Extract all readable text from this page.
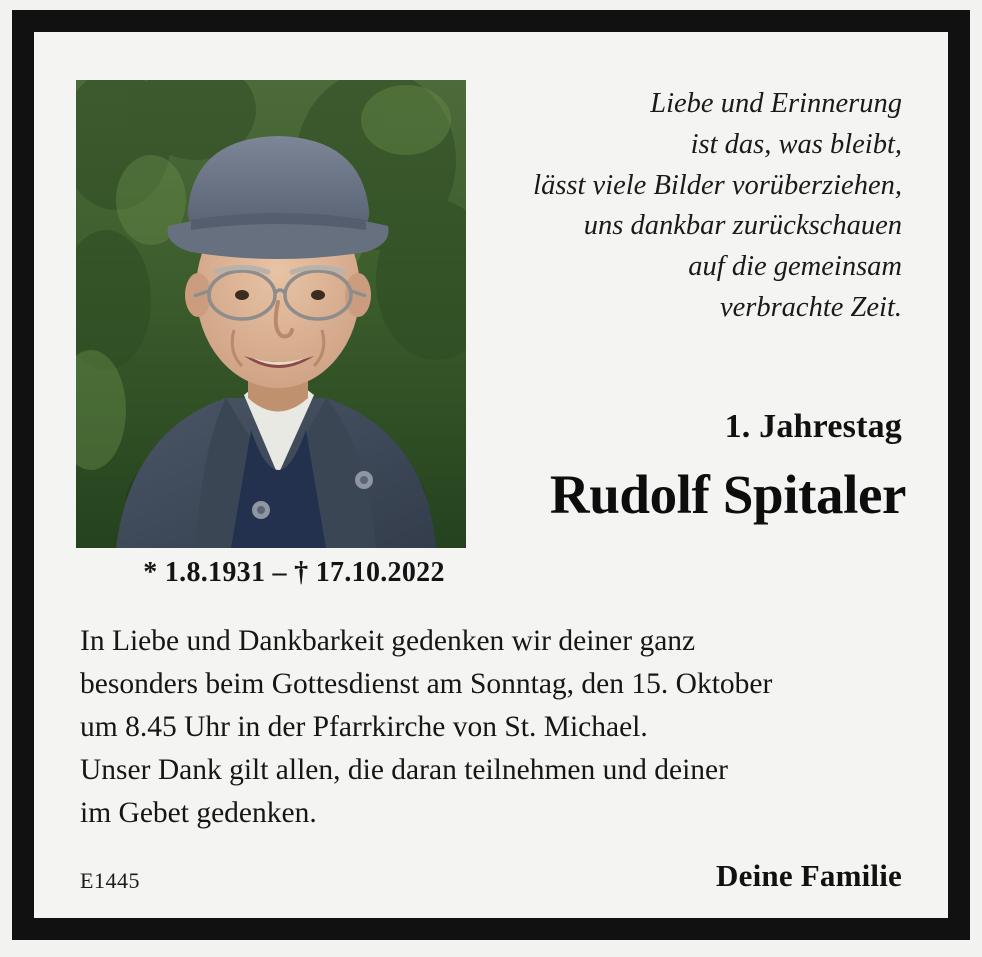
* 1.8.1931 – † 17.10.2022
Liebe und Erinnerung
ist das, was bleibt,
lässt viele Bilder vorüberziehen,
uns dankbar zurückschauen
auf die gemeinsam
verbrachte Zeit.
1. Jahrestag
Rudolf Spitaler

In Liebe und Dankbarkeit gedenken wir deiner ganz

besonders beim Gottesdienst am Sonntag, den 15. Oktober

um 8.45 Uhr in der Pfarrkirche von St. Michael.

Unser Dank gilt allen, die daran teilnehmen und deiner

im Gebet gedenken.

E1445	Deine Familie
